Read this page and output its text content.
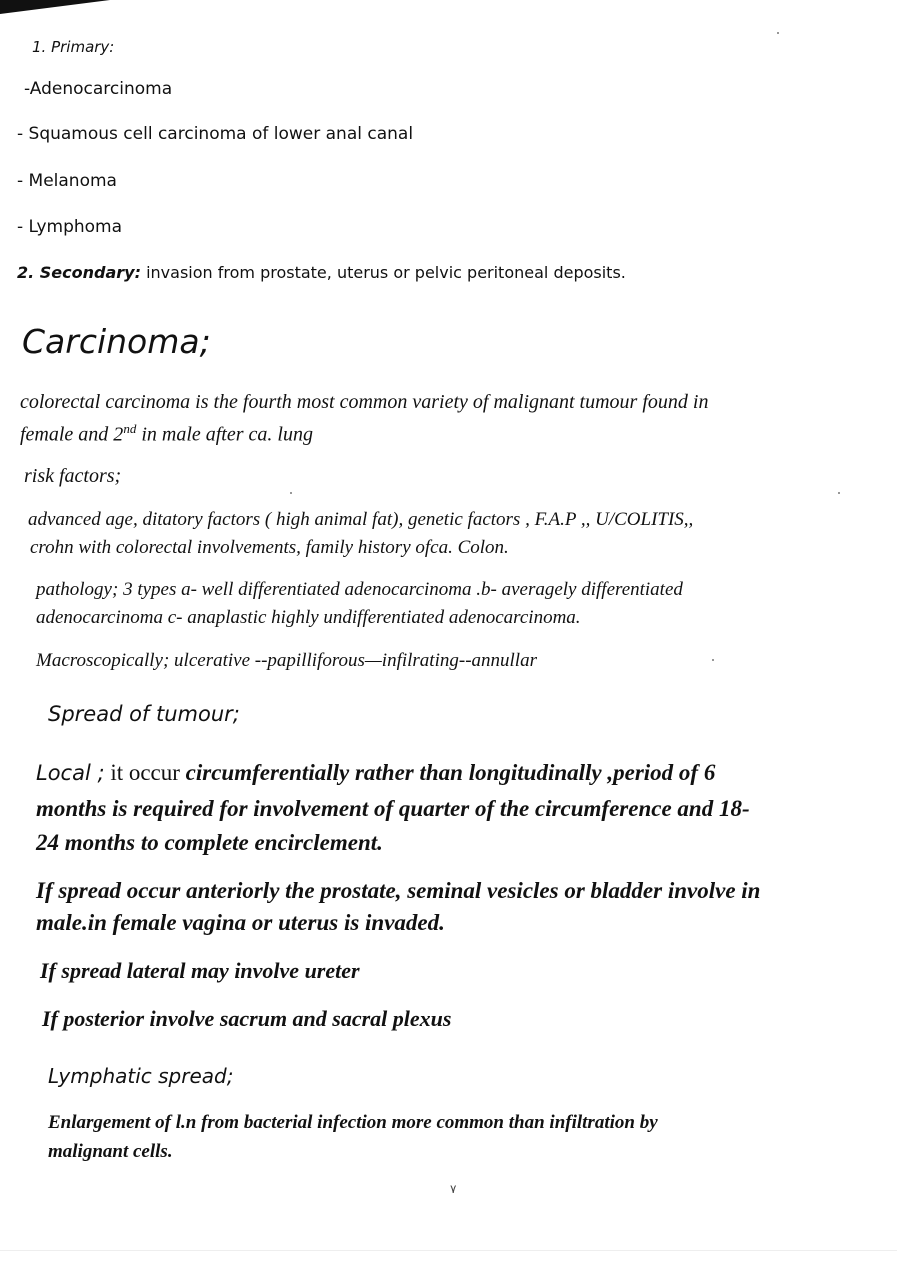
1. Primary:
-Adenocarcinoma
- Squamous cell carcinoma of lower anal canal
- Melanoma
- Lymphoma
2. Secondary: invasion from prostate, uterus or pelvic peritoneal deposits.
Carcinoma;
colorectal carcinoma is the fourth most common variety of malignant tumour found in
female and 2nd in male after ca. lung
risk factors;
advanced age, ditatory factors ( high animal fat), genetic factors , F.A.P ,, U/COLITIS,,
crohn with colorectal involvements, family history ofca. Colon.
pathology; 3 types a- well differentiated adenocarcinoma .b- averagely differentiated
adenocarcinoma c- anaplastic highly undifferentiated adenocarcinoma.
Macroscopically; ulcerative --papilliforous—infilrating--annullar
Spread of tumour;
Local ; it occur circumferentially rather than longitudinally ,period of 6
months is required for involvement of quarter of the circumference and 18-
24 months to complete encirclement.
If spread occur anteriorly the prostate, seminal vesicles or bladder involve in
male.in female vagina or uterus is invaded.
If spread lateral may involve ureter
If posterior involve sacrum and sacral plexus
Lymphatic spread;
Enlargement of l.n from bacterial infection more common than infiltration by
malignant cells.
٧
